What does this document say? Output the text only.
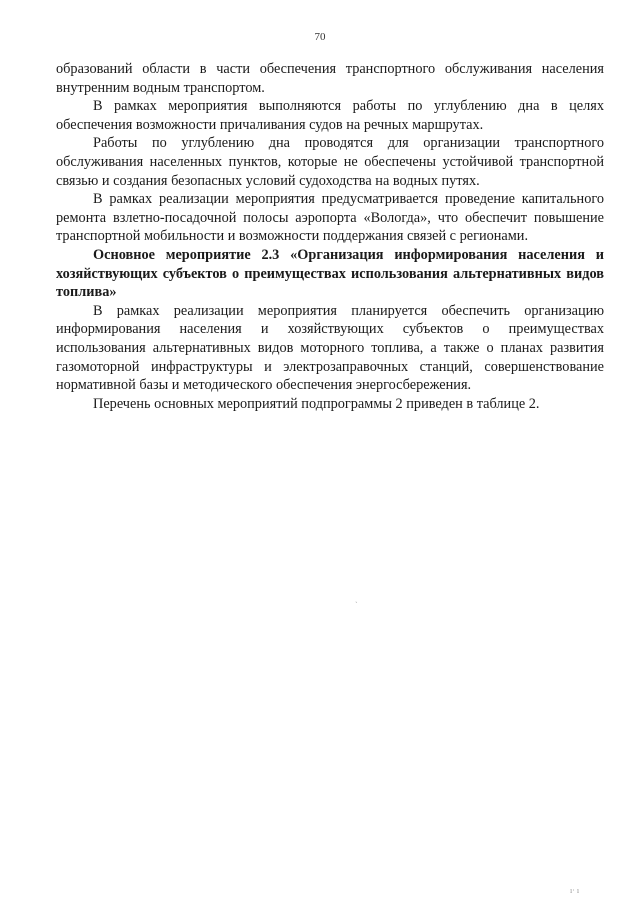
70

образований области в части обеспечения транспортного обслуживания населения внутренним водным транспортом.

В рамках мероприятия выполняются работы по углублению дна в целях обеспечения возможности причаливания судов на речных маршрутах.

Работы по углублению дна проводятся для организации транспортного обслуживания населенных пунктов, которые не обеспечены устойчивой транспортной связью и создания безопасных условий судоходства на водных путях.

В рамках реализации мероприятия предусматривается проведение капитального ремонта взлетно-посадочной полосы аэропорта «Вологда», что обеспечит повышение транспортной мобильности и возможности поддержания связей с регионами.

Основное мероприятие 2.3 «Организация информирования населения и хозяйствующих субъектов о преимуществах использования альтернативных видов топлива»

В рамках реализации мероприятия планируется обеспечить организацию информирования населения и хозяйствующих субъектов о преимуществах использования альтернативных видов моторного топлива, а также о планах развития газомоторной инфраструктуры и электрозаправочных станций, совершенствование нормативной базы и методического обеспечения энергосбережения.

Перечень основных мероприятий подпрограммы 2 приведен в таблице 2.

ˏ
ı· ı
